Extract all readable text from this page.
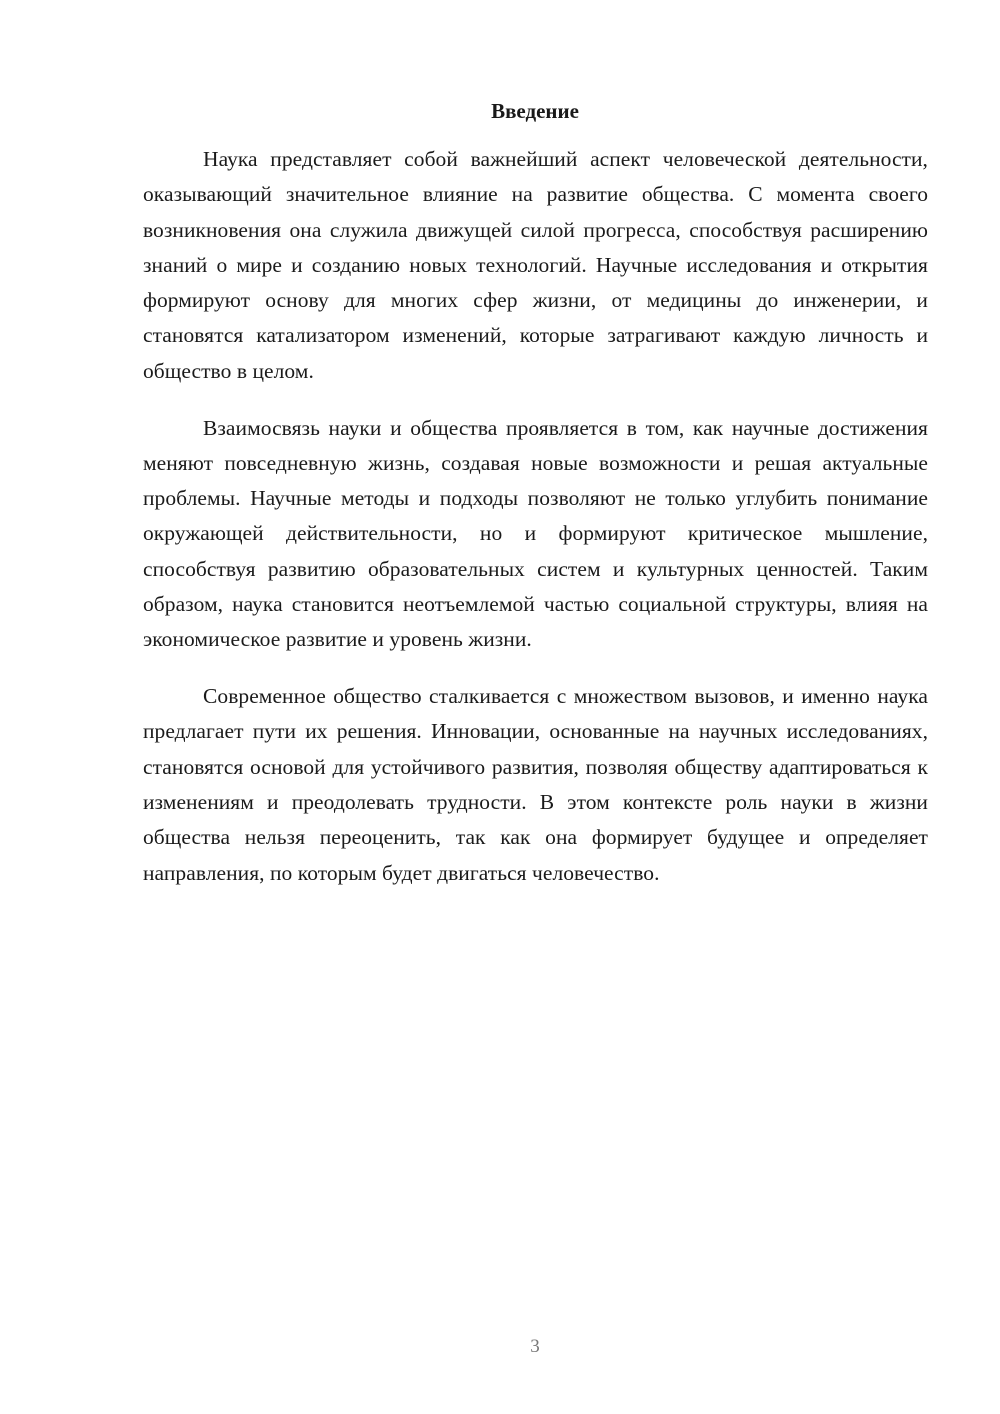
Введение

Наука представляет собой важнейший аспект человеческой деятельности, оказывающий значительное влияние на развитие общества. С момента своего возникновения она служила движущей силой прогресса, способствуя расширению знаний о мире и созданию новых технологий. Научные исследования и открытия формируют основу для многих сфер жизни, от медицины до инженерии, и становятся катализатором изменений, которые затрагивают каждую личность и общество в целом.

Взаимосвязь науки и общества проявляется в том, как научные достижения меняют повседневную жизнь, создавая новые возможности и решая актуальные проблемы. Научные методы и подходы позволяют не только углубить понимание окружающей действительности, но и формируют критическое мышление, способствуя развитию образовательных систем и культурных ценностей. Таким образом, наука становится неотъемлемой частью социальной структуры, влияя на экономическое развитие и уровень жизни.

Современное общество сталкивается с множеством вызовов, и именно наука предлагает пути их решения. Инновации, основанные на научных исследованиях, становятся основой для устойчивого развития, позволяя обществу адаптироваться к изменениям и преодолевать трудности. В этом контексте роль науки в жизни общества нельзя переоценить, так как она формирует будущее и определяет направления, по которым будет двигаться человечество.

3
